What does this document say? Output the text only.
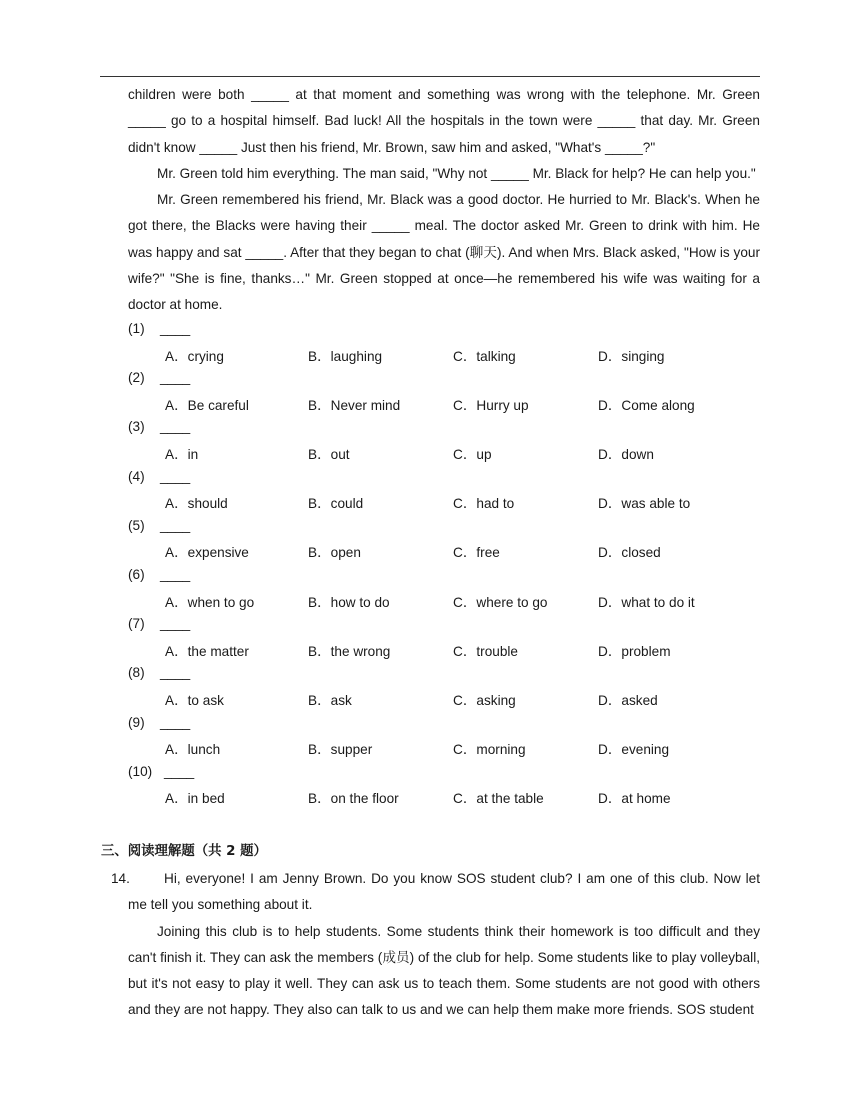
children were both _____ at that moment and something was wrong with the telephone. Mr. Green _____ go to a hospital himself. Bad luck! All the hospitals in the town were _____ that day. Mr. Green didn't know _____ Just then his friend, Mr. Brown, saw him and asked, "What's _____?"

Mr. Green told him everything. The man said, "Why not _____ Mr. Black for help? He can help you."

Mr. Green remembered his friend, Mr. Black was a good doctor. He hurried to Mr. Black's. When he got there, the Blacks were having their _____ meal. The doctor asked Mr. Green to drink with him. He was happy and sat _____. After that they began to chat (聊天). And when Mrs. Black asked, "How is your wife?" "She is fine, thanks…" Mr. Green stopped at once—he remembered his wife was waiting for a doctor at home.

(1) ____
A．crying	B．laughing	C．talking	D．singing
(2) ____
A．Be careful	B．Never mind	C．Hurry up	D．Come along
(3) ____
A．in	B．out	C．up	D．down
(4) ____
A．should	B．could	C．had to	D．was able to
(5) ____
A．expensive	B．open	C．free	D．closed
(6) ____
A．when to go	B．how to do	C．where to go	D．what to do it
(7) ____
A．the matter	B．the wrong	C．trouble	D．problem
(8) ____
A．to ask	B．ask	C．asking	D．asked
(9) ____
A．lunch	B．supper	C．morning	D．evening
(10) ____
A．in bed	B．on the floor	C．at the table	D．at home
三、阅读理解题（共 2 题）
14.	Hi, everyone! I am Jenny Brown. Do you know SOS student club? I am one of this club. Now let me tell you something about it.

Joining this club is to help students. Some students think their homework is too difficult and they can't finish it. They can ask the members (成员) of the club for help. Some students like to play volleyball, but it's not easy to play it well. They can ask us to teach them. Some students are not good with others and they are not happy. They also can talk to us and we can help them make more friends. SOS student
